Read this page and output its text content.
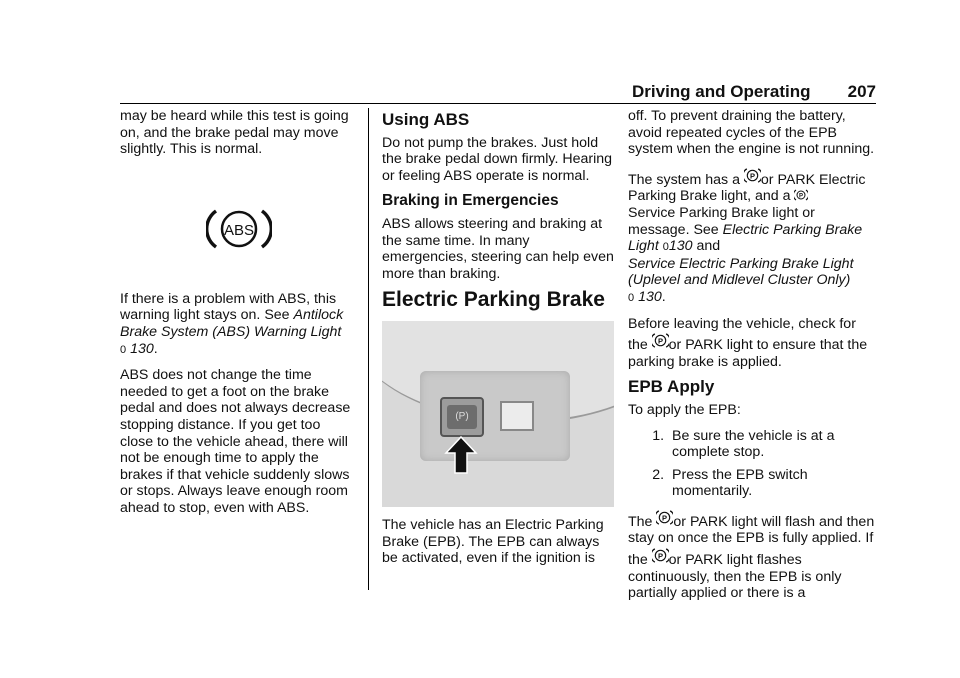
Driving and Operating 207

may be heard while this test is going on, and the brake pedal may move slightly. This is normal.

ABS

If there is a problem with ABS, this warning light stays on. See Antilock Brake System (ABS) Warning Light
0 130.

ABS does not change the time needed to get a foot on the brake pedal and does not always decrease stopping distance. If you get too close to the vehicle ahead, there will not be enough time to apply the brakes if that vehicle suddenly slows or stops. Always leave enough room ahead to stop, even with ABS.

Using ABS

Do not pump the brakes. Just hold the brake pedal down firmly. Hearing or feeling ABS operate is normal.

Braking in Emergencies

ABS allows steering and braking at the same time. In many emergencies, steering can help even more than braking.

Electric Parking Brake
(P)

The vehicle has an Electric Parking Brake (EPB). The EPB can always be activated, even if the ignition is

off. To prevent draining the battery, avoid repeated cycles of the EPB system when the engine is not running.

The system has a P or PARK Electric Parking Brake light, and a P

Service Parking Brake light or message. See Electric Parking Brake Light 0130 and
Service Electric Parking Brake Light (Uplevel and Midlevel Cluster Only)
0 130.

Before leaving the vehicle, check for the P or PARK light to ensure that the parking brake is applied.

EPB Apply

To apply the EPB:

1. Be sure the vehicle is at a complete stop.
2. Press the EPB switch momentarily.

The P or PARK light will flash and then stay on once the EPB is fully applied. If the P or PARK light flashes continuously, then the EPB is only partially applied or there is a
